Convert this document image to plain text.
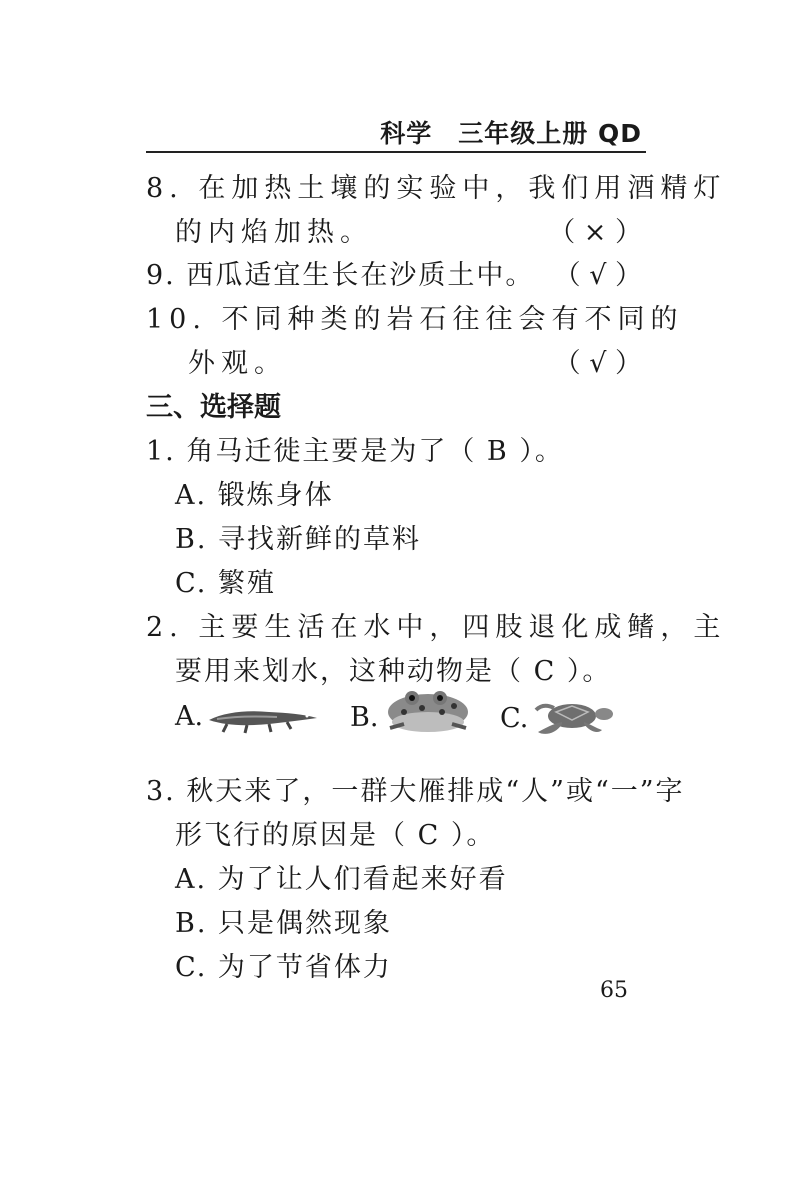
科学　三年级上册 QD
8. 在加热土壤的实验中，我们用酒精灯
的内焰加热。	（ × ）
9. 西瓜适宜生长在沙质土中。 （ √ ）
10. 不同种类的岩石往往会有不同的
外观。	（ √ ）
三、选择题
1. 角马迁徙主要是为了（ B ）。
A. 锻炼身体
B. 寻找新鲜的草料
C. 繁殖
2. 主要生活在水中，四肢退化成鳍，主
要用来划水，这种动物是（ C ）。
A.	B.	C.
3. 秋天来了，一群大雁排成“人”或“一”字
形飞行的原因是（ C ）。
A. 为了让人们看起来好看
B. 只是偶然现象
C. 为了节省体力
65
